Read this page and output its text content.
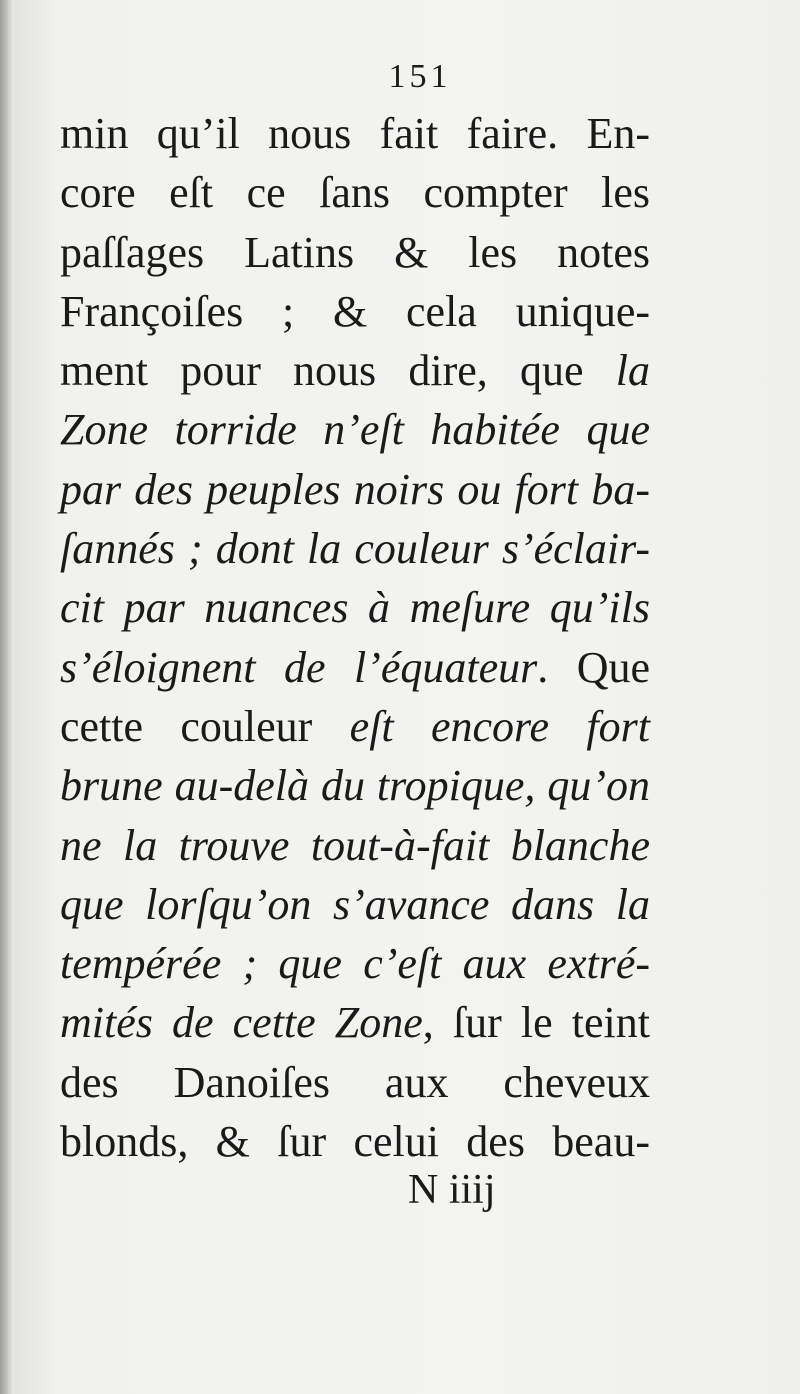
151
min qu’il nous fait faire. En-
core eſt ce ſans compter les
paſſages Latins & les notes
Françoiſes ; & cela unique-
ment pour nous dire, que la
Zone torride n’eſt habitée que
par des peuples noirs ou fort ba-
ſannés ; dont la couleur s’éclair-
cit par nuances à meſure qu’ils
s’éloignent de l’équateur. Que
cette couleur eſt encore fort
brune au-delà du tropique, qu’on
ne la trouve tout-à-fait blanche
que lorſqu’on s’avance dans la
tempérée ; que c’eſt aux extré-
mités de cette Zone, ſur le teint
des Danoiſes aux cheveux
blonds, & ſur celui des beau-
N iiij
